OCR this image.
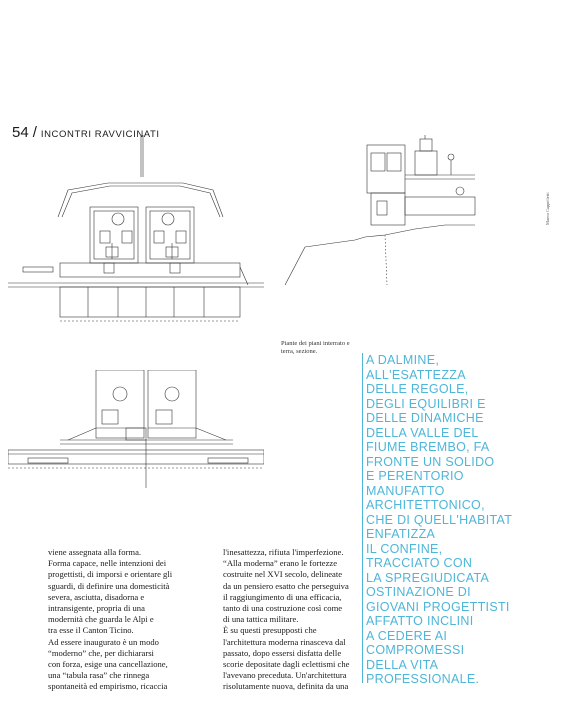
54 / INCONTRI RAVVICINATI
Piante dei piani interrato e terra, sezione.
Marco Cappelletti
A DALMINE,
ALL'ESATTEZZA
DELLE REGOLE,
DEGLI EQUILIBRI E
DELLE DINAMICHE
DELLA VALLE DEL
FIUME BREMBO, FA
FRONTE UN SOLIDO
E PERENTORIO
MANUFATTO
ARCHITETTONICO,
CHE DI QUELL'HABITAT
ENFATIZZA
IL CONFINE,
TRACCIATO CON
LA SPREGIUDICATA
OSTINAZIONE DI
GIOVANI PROGETTISTI
AFFATTO INCLINI
A CEDERE AI
COMPROMESSI
DELLA VITA
PROFESSIONALE.
viene assegnata alla forma.
Forma capace, nelle intenzioni dei
progettisti, di imporsi e orientare gli
sguardi, di definire una domesticità
severa, asciutta, disadorna e
intransigente, propria di una
modernità che guarda le Alpi e
tra esse il Canton Ticino.
Ad essere inaugurato è un modo
“moderno” che, per dichiararsi
con forza, esige una cancellazione,
una “tabula rasa” che rinnega
spontaneità ed empirismo, ricaccia
l'inesattezza, rifiuta l'imperfezione.
“Alla moderna” erano le fortezze
costruite nel XVI secolo, delineate
da un pensiero esatto che perseguiva
il raggiungimento di una efficacia,
tanto di una costruzione così come
di una tattica militare.
È su questi presupposti che
l'architettura moderna rinasceva dal
passato, dopo essersi disfatta delle
scorie depositate dagli eclettismi che
l'avevano preceduta. Un'architettura
risolutamente nuova, definita da una
